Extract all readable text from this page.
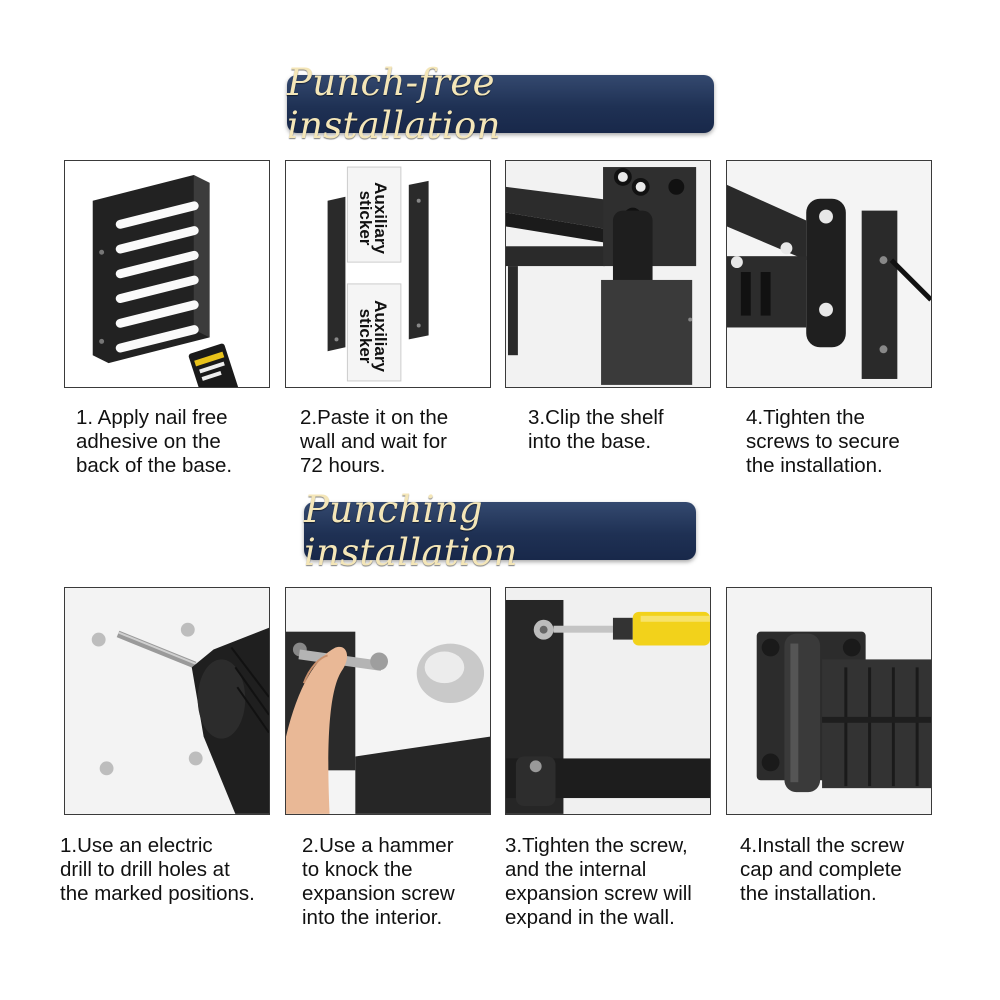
Punch-free installation
Auxiliary sticker
Auxiliary sticker
1. Apply nail free
adhesive on the
back of the base.
2.Paste it on the
wall and wait for
72 hours.
3.Clip the shelf
into the base.
4.Tighten the
screws to secure
the installation.
Punching installation
1.Use an electric
drill to drill holes at
the marked positions.
2.Use a hammer
to knock the
expansion screw
into the interior.
3.Tighten the screw,
and the internal
expansion screw will
expand in the wall.
4.Install the screw
cap and complete
the installation.
